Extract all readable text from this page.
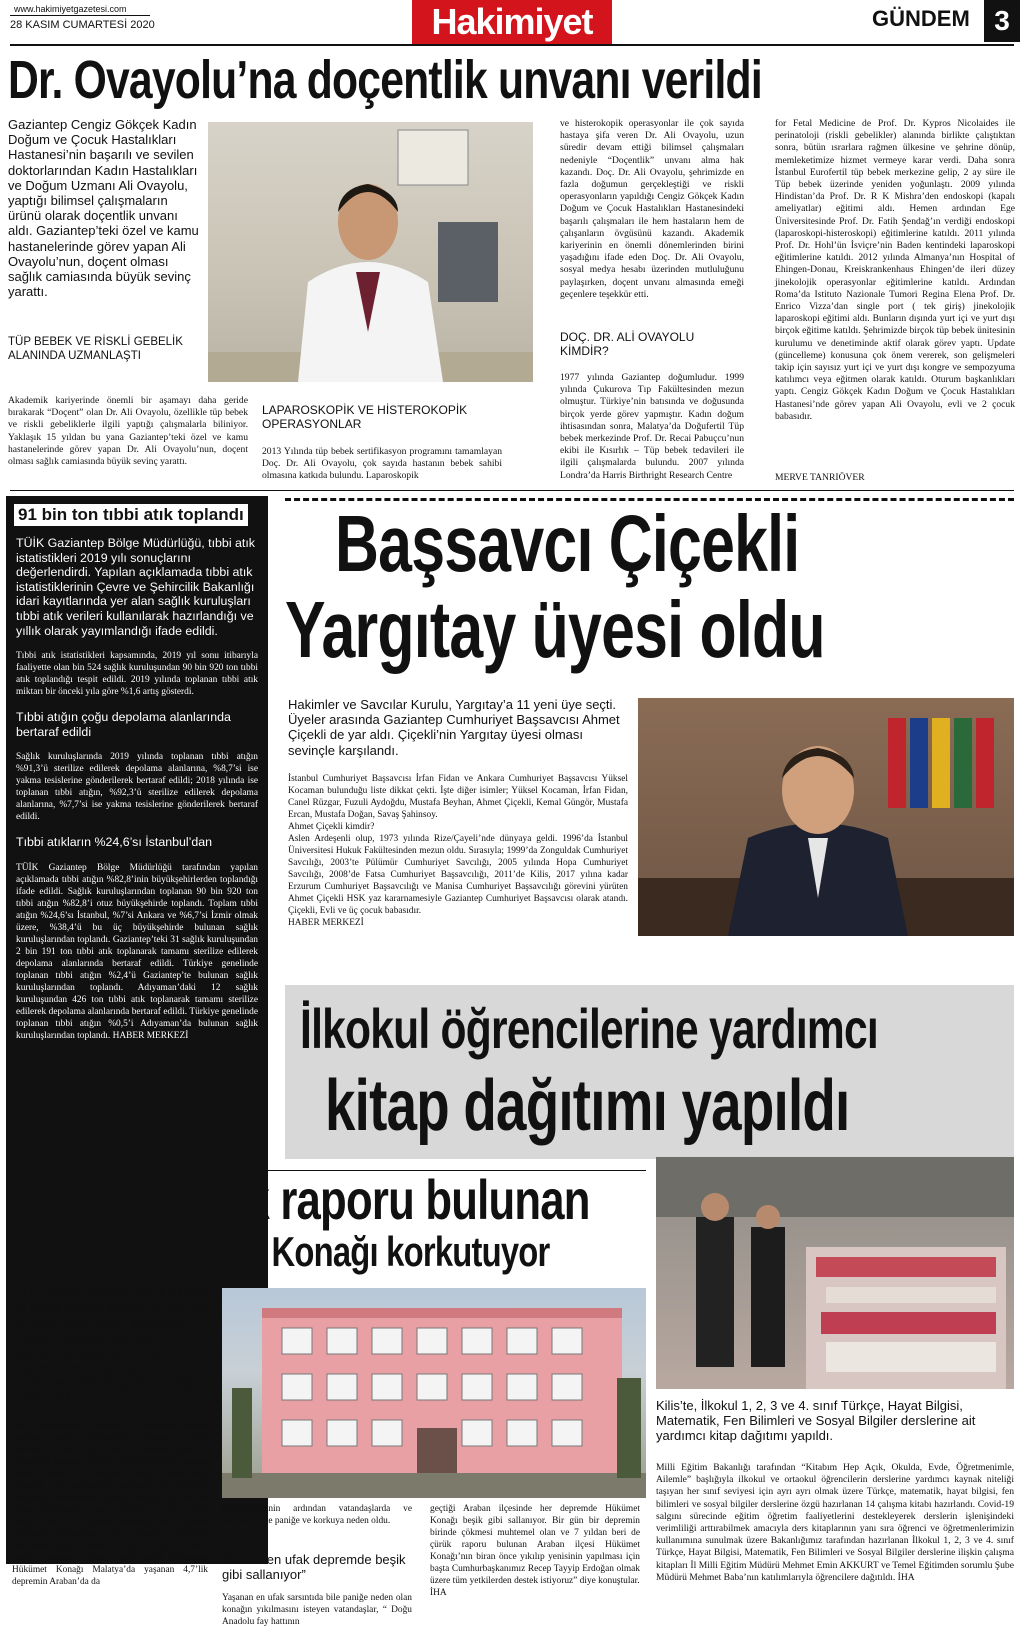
www.hakimiyetgazetesi.com
28 KASIM CUMARTESİ 2020	Hakimiyet	GÜNDEM 3
Dr. Ovayolu’na doçentlik unvanı verildi
Gaziantep Cengiz Gökçek Kadın Doğum ve Çocuk Hastalıkları Hastanesi’nin başarılı ve sevilen doktorlarından Kadın Hastalıkları ve Doğum Uzmanı Ali Ovayolu, yaptığı bilimsel çalışmaların ürünü olarak doçentlik unvanı aldı. Gaziantep’teki özel ve kamu hastanelerinde görev yapan Ali Ovayolu’nun, doçent olması sağlık camiasında büyük sevinç yarattı.
TÜP BEBEK VE RİSKLİ GEBELİK ALANINDA UZMANLAŞTI
Akademik kariyerinde önemli bir aşamayı daha geride bırakarak “Doçent” olan Dr. Ali Ovayolu, özellikle tüp bebek ve riskli gebeliklerle ilgili yaptığı çalışmalarla biliniyor. Yaklaşık 15 yıldan bu yana Gaziantep’teki özel ve kamu hastanelerinde görev yapan Dr. Ali Ovayolu’nun, doçent olması sağlık camiasında büyük sevinç yarattı.
LAPAROSKOPİK VE HİSTEROKOPİK OPERASYONLAR
2013 Yılında tüp bebek sertifikasyon programını tamamlayan Doç. Dr. Ali Ovayolu, çok sayıda hastanın bebek sahibi olmasına katkıda bulundu. Laparoskopik
ve histerokopik operasyonlar ile çok sayıda hastaya şifa veren Dr. Ali Ovayolu, uzun süredir devam ettiği bilimsel çalışmaları nedeniyle “Doçentlik” unvanı alma hak kazandı. Doç. Dr. Ali Ovayolu, şehrimizde en fazla doğumun gerçekleştiği ve riskli operasyonların yapıldığı Cengiz Gökçek Kadın Doğum ve Çocuk Hastalıkları Hastanesindeki başarılı çalışmaları ile hem hastaların hem de çalışanların övgüsünü kazandı. Akademik kariyerinin en önemli dönemlerinden birini yaşadığını ifade eden Doç. Dr. Ali Ovayolu, sosyal medya hesabı üzerinden mutluluğunu paylaşırken, doçent unvanı almasında emeği geçenlere teşekkür etti.
DOÇ. DR. ALİ OVAYOLU KİMDİR?
1977 yılında Gaziantep doğumludur. 1999 yılında Çukurova Tıp Fakültesinden mezun olmuştur. Türkiye’nin batısında ve doğusunda birçok yerde görev yapmıştır. Kadın doğum ihtisasından sonra, Malatya’da Doğufertil Tüp bebek merkezinde Prof. Dr. Recai Pabuçcu’nun ekibi ile Kısırlık – Tüp bebek tedavileri ile ilgili çalışmalarda bulundu. 2007 yılında Londra’da Harris Birthright Research Centre
for Fetal Medicine de Prof. Dr. Kypros Nicolaides ile perinatoloji (riskli gebelikler) alanında birlikte çalıştıktan sonra, bütün ısrarlara rağmen ülkesine ve şehrine dönüp, memleketimize hizmet vermeye karar verdi. Daha sonra İstanbul Eurofertil tüp bebek merkezine gelip, 2 ay süre ile Tüp bebek üzerinde yeniden yoğunlaştı. 2009 yılında Hindistan’da Prof. Dr. R K Mishra’den endoskopi (kapalı ameliyatlar) eğitimi aldı. Hemen ardından Ege Üniversitesinde Prof. Dr. Fatih Şendağ’ın verdiği endoskopi (laparoskopi-histeroskopi) eğitimlerine katıldı. 2011 yılında Prof. Dr. Hohl’ün İsviçre’nin Baden kentindeki laparoskopi eğitimlerine katıldı. 2012 yılında Almanya’nın Hospital of Ehingen-Donau, Kreiskrankenhaus Ehingen’de ileri düzey jinekolojik operasyonlar eğitimlerine katıldı. Ardından Roma’da Istituto Nazionale Tumori Regina Elena Prof. Dr. Enrico Vizza’dan single port ( tek giriş) jinekolojik laparoskopi eğitimi aldı. Bunların dışında yurt içi ve yurt dışı birçok eğitime katıldı. Şehrimizde birçok tüp bebek ünitesinin kurulumu ve denetiminde aktif olarak görev yaptı. Update (güncelleme) konusuna çok önem vererek, son gelişmeleri takip için sayısız yurt içi ve yurt dışı kongre ve sempozyuma katılımcı veya eğitmen olarak katıldı. Oturum başkanlıkları yaptı. Cengiz Gökçek Kadın Doğum ve Çocuk Hastalıkları Hastanesi’nde görev yapan Ali Ovayolu, evli ve 2 çocuk babasıdır.
MERVE TANRIÖVER
91 bin ton tıbbi atık toplandı
TÜİK Gaziantep Bölge Müdürlüğü, tıbbi atık istatistikleri 2019 yılı sonuçlarını değerlendirdi. Yapılan açıklamada tıbbi atık istatistiklerinin Çevre ve Şehircilik Bakanlığı idari kayıtlarında yer alan sağlık kuruluşları tıbbi atık verileri kullanılarak hazırlandığı ve yıllık olarak yayımlandığı ifade edildi.
Tıbbi atık istatistikleri kapsamında, 2019 yıl sonu itibarıyla faaliyette olan bin 524 sağlık kuruluşundan 90 bin 920 ton tıbbi atık toplandığı tespit edildi. 2019 yılında toplanan tıbbi atık miktarı bir önceki yıla göre %1,6 artış gösterdi.
Tıbbi atığın çoğu depolama alanlarında bertaraf edildi
Sağlık kuruluşlarında 2019 yılında toplanan tıbbi atığın %91,3’ü sterilize edilerek depolama alanlarına, %8,7’si ise yakma tesislerine gönderilerek bertaraf edildi; 2018 yılında ise toplanan tıbbi atığın, %92,3’ü sterilize edilerek depolama alanlarına, %7,7’si ise yakma tesislerine gönderilerek bertaraf edildi.
Tıbbi atıkların %24,6’sı İstanbul’dan
TÜİK Gaziantep Bölge Müdürlüğü tarafından yapılan açıklamada tıbbi atığın %82,8’inin büyükşehirlerden toplandığı ifade edildi. Sağlık kuruluşlarından toplanan 90 bin 920 ton tıbbi atığın %82,8’i otuz büyükşehirde toplandı. Toplam tıbbi atığın %24,6’sı İstanbul, %7’si Ankara ve %6,7’si İzmir olmak üzere, %38,4’ü bu üç büyükşehirde bulunan sağlık kuruluşlarından toplandı. Gaziantep’teki 31 sağlık kuruluşundan 2 bin 191 ton tıbbi atık toplanarak tamamı sterilize edilerek depolama alanlarında bertaraf edildi. Türkiye genelinde toplanan tıbbi atığın %2,4’ü Gaziantep’te bulunan sağlık kuruluşlarından toplandı. Adıyaman’daki 12 sağlık kuruluşundan 426 ton tıbbi atık toplanarak tamamı sterilize edilerek depolama alanlarında bertaraf edildi. Türkiye genelinde toplanan tıbbi atığın %0,5’i Adıyaman’da bulunan sağlık kuruluşlarından toplandı. HABER MERKEZİ
Başsavcı Çiçekli
Yargıtay üyesi oldu
Hakimler ve Savcılar Kurulu, Yargıtay’a 11 yeni üye seçti. Üyeler arasında Gaziantep Cumhuriyet Başsavcısı Ahmet Çiçekli de yar aldı. Çiçekli’nin Yargıtay üyesi olması sevinçle karşılandı.
İstanbul Cumhuriyet Başsavcısı İrfan Fidan ve Ankara Cumhuriyet Başsavcısı Yüksel Kocaman bulunduğu liste dikkat çekti. İşte diğer isimler; Yüksel Kocaman, İrfan Fidan, Canel Rüzgar, Fuzuli Aydoğdu, Mustafa Beyhan, Ahmet Çiçekli, Kemal Güngör, Mustafa Ercan, Mustafa Doğan, Savaş Şahinsoy.
Ahmet Çiçekli kimdir?
Aslen Ardeşenli olup, 1973 yılında Rize/Çayeli’nde dünyaya geldi. 1996’da İstanbul Üniversitesi Hukuk Fakültesinden mezun oldu. Sırasıyla; 1999’da Zonguldak Cumhuriyet Savcılığı, 2003’te Pülümür Cumhuriyet Savcılığı, 2005 yılında Hopa Cumhuriyet Savcılığı, 2008’de Fatsa Cumhuriyet Başsavcılığı, 2011’de Kilis, 2017 yılına kadar Erzurum Cumhuriyet Başsavcılığı ve Manisa Cumhuriyet Başsavcılığı görevini yürüten Ahmet Çiçekli HSK yaz kararnamesiyle Gaziantep Cumhuriyet Başsavcısı olarak atandı. Çiçekli, Evli ve üç çocuk babasıdır.
HABER MERKEZİ
İlkokul öğrencilerine yardımcı
kitap dağıtımı yapıldı
Kilis’te, İlkokul 1, 2, 3 ve 4. sınıf Türkçe, Hayat Bilgisi, Matematik, Fen Bilimleri ve Sosyal Bilgiler derslerine ait yardımcı kitap dağıtımı yapıldı.
Milli Eğitim Bakanlığı tarafından “Kitabım Hep Açık, Okulda, Evde, Öğretmenimle, Ailemle” başlığıyla ilkokul ve ortaokul öğrencilerin derslerine yardımcı kaynak niteliği taşıyan her sınıf seviyesi için ayrı ayrı olmak üzere Türkçe, matematik, hayat bilgisi, fen bilimleri ve sosyal bilgiler derslerine özgü hazırlanan 14 çalışma kitabı hazırlandı. Covid-19 salgını sürecinde eğitim öğretim faaliyetlerini destekleyerek derslerin işlenişindeki verimliliği arttırabilmek amacıyla ders kitaplarının yanı sıra öğrenci ve öğretmenlerimizin kullanımına sunulmak üzere Bakanlığımız tarafından hazırlanan İlkokul 1, 2, 3 ve 4. sınıf Türkçe, Hayat Bilgisi, Matematik, Fen Bilimleri ve Sosyal Bilgiler derslerine ilişkin çalışma kitapları İl Milli Eğitim Müdürü Mehmet Emin AKKURT ve Temel Eğitimden sorumlu Şube Müdürü Mehmet Baba’nın katılımlarıyla öğrencilere dağıtıldı. İHA
7 yıldır çürük raporu bulunan
Araban Hükümet Konağı korkutuyor
1977 yılında yapılan, 2013 yılında da çürük raporu verilen ve her gün yüzlerce vatandaşın kullandığı Araban Hükümet Konağı, Malatya’da yaşanan 4,7’lik depremin ardından binanın sarsılması vatandaşlarda paniğe neden oldu.
İzmir depreminin yaralarının sarılmaya devam ederken bugün Malatya’da yaşanan 4,7’lik depremle sarsıldı. Çevre illerde hissedilen deprem, Araban’da bulunan ve 2013 yılında da çürük raporu verilen Hükümet Konağında paniğe neden oldu. Yaklaşık 50 personelin çalıştığı ve yüzlerce vatandaşın kullanmak zorunda kaldığı bina her an çökme tehlikesiyle karşı karşıya. 7 yıldır çürük raporu var 1977 yılında yapılmış olan Araban Hükümet Konağına, 2013 yılında yetkililer tarafından çürük raporu verildi. 7 yıldır çürük raporu olmasına rağmen aktif olarak kullanılan Hükümet Konağı Malatya’da yaşanan 4,7’lik depremin Araban’da da
hissedilmesinin ardından vatandaşlarda ve personellerde paniğe ve korkuya neden oldu.
“Konak en ufak depremde beşik gibi sallanıyor”
Yaşanan en ufak sarsıntıda bile paniğe neden olan konağın yıkılmasını isteyen vatandaşlar, “ Doğu Anadolu fay hattının
geçtiği Araban ilçesinde her depremde Hükümet Konağı beşik gibi sallanıyor. Bir gün bir depremin birinde çökmesi muhtemel olan ve 7 yıldan beri de çürük raporu bulunan Araban ilçesi Hükümet Konağı’nın biran önce yıkılıp yenisinin yapılması için başta Cumhurbaşkanımız Recep Tayyip Erdoğan olmak üzere tüm yetkilerden destek istiyoruz” diye konuştular.
İHA
